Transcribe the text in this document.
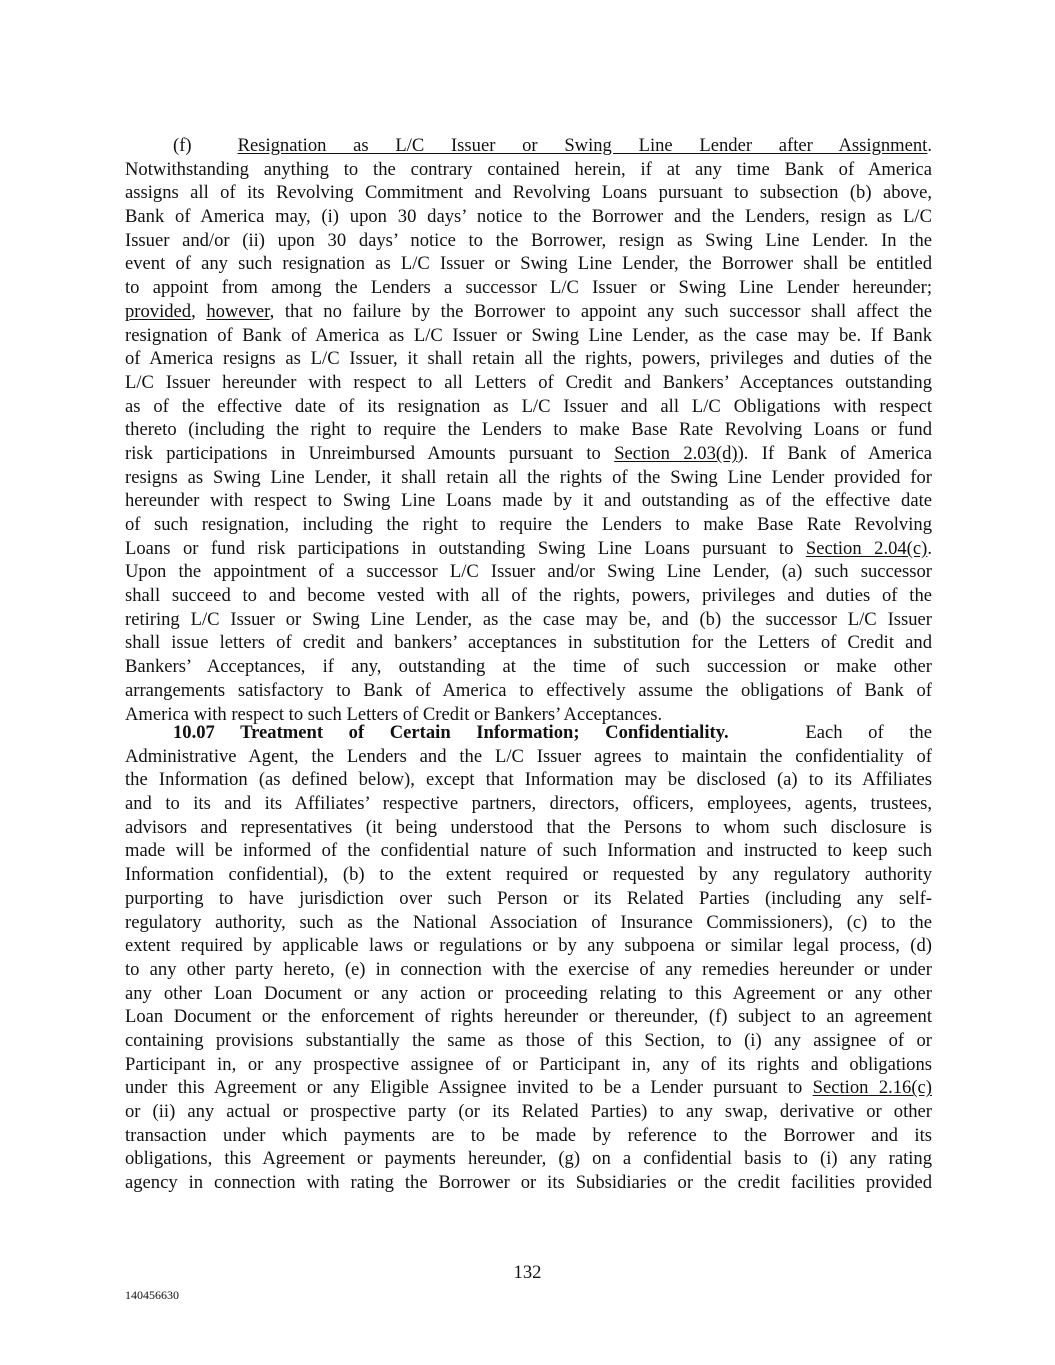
(f) Resignation as L/C Issuer or Swing Line Lender after Assignment.
Notwithstanding anything to the contrary contained herein, if at any time Bank of America
assigns all of its Revolving Commitment and Revolving Loans pursuant to subsection (b) above,
Bank of America may, (i) upon 30 days’ notice to the Borrower and the Lenders, resign as L/C
Issuer and/or (ii) upon 30 days’ notice to the Borrower, resign as Swing Line Lender. In the
event of any such resignation as L/C Issuer or Swing Line Lender, the Borrower shall be entitled
to appoint from among the Lenders a successor L/C Issuer or Swing Line Lender hereunder;
provided, however, that no failure by the Borrower to appoint any such successor shall affect the
resignation of Bank of America as L/C Issuer or Swing Line Lender, as the case may be. If Bank
of America resigns as L/C Issuer, it shall retain all the rights, powers, privileges and duties of the
L/C Issuer hereunder with respect to all Letters of Credit and Bankers’ Acceptances outstanding
as of the effective date of its resignation as L/C Issuer and all L/C Obligations with respect
thereto (including the right to require the Lenders to make Base Rate Revolving Loans or fund
risk participations in Unreimbursed Amounts pursuant to Section 2.03(d)). If Bank of America
resigns as Swing Line Lender, it shall retain all the rights of the Swing Line Lender provided for
hereunder with respect to Swing Line Loans made by it and outstanding as of the effective date
of such resignation, including the right to require the Lenders to make Base Rate Revolving
Loans or fund risk participations in outstanding Swing Line Loans pursuant to Section 2.04(c).
Upon the appointment of a successor L/C Issuer and/or Swing Line Lender, (a) such successor
shall succeed to and become vested with all of the rights, powers, privileges and duties of the
retiring L/C Issuer or Swing Line Lender, as the case may be, and (b) the successor L/C Issuer
shall issue letters of credit and bankers’ acceptances in substitution for the Letters of Credit and
Bankers’ Acceptances, if any, outstanding at the time of such succession or make other
arrangements satisfactory to Bank of America to effectively assume the obligations of Bank of
America with respect to such Letters of Credit or Bankers’ Acceptances.
10.07 Treatment of Certain Information; Confidentiality.	Each of the
Administrative Agent, the Lenders and the L/C Issuer agrees to maintain the confidentiality of
the Information (as defined below), except that Information may be disclosed (a) to its Affiliates
and to its and its Affiliates’ respective partners, directors, officers, employees, agents, trustees,
advisors and representatives (it being understood that the Persons to whom such disclosure is
made will be informed of the confidential nature of such Information and instructed to keep such
Information confidential), (b) to the extent required or requested by any regulatory authority
purporting to have jurisdiction over such Person or its Related Parties (including any self-
regulatory authority, such as the National Association of Insurance Commissioners), (c) to the
extent required by applicable laws or regulations or by any subpoena or similar legal process, (d)
to any other party hereto, (e) in connection with the exercise of any remedies hereunder or under
any other Loan Document or any action or proceeding relating to this Agreement or any other
Loan Document or the enforcement of rights hereunder or thereunder, (f) subject to an agreement
containing provisions substantially the same as those of this Section, to (i) any assignee of or
Participant in, or any prospective assignee of or Participant in, any of its rights and obligations
under this Agreement or any Eligible Assignee invited to be a Lender pursuant to Section 2.16(c)
or (ii) any actual or prospective party (or its Related Parties) to any swap, derivative or other
transaction under which payments are to be made by reference to the Borrower and its
obligations, this Agreement or payments hereunder, (g) on a confidential basis to (i) any rating
agency in connection with rating the Borrower or its Subsidiaries or the credit facilities provided
132
140456630
